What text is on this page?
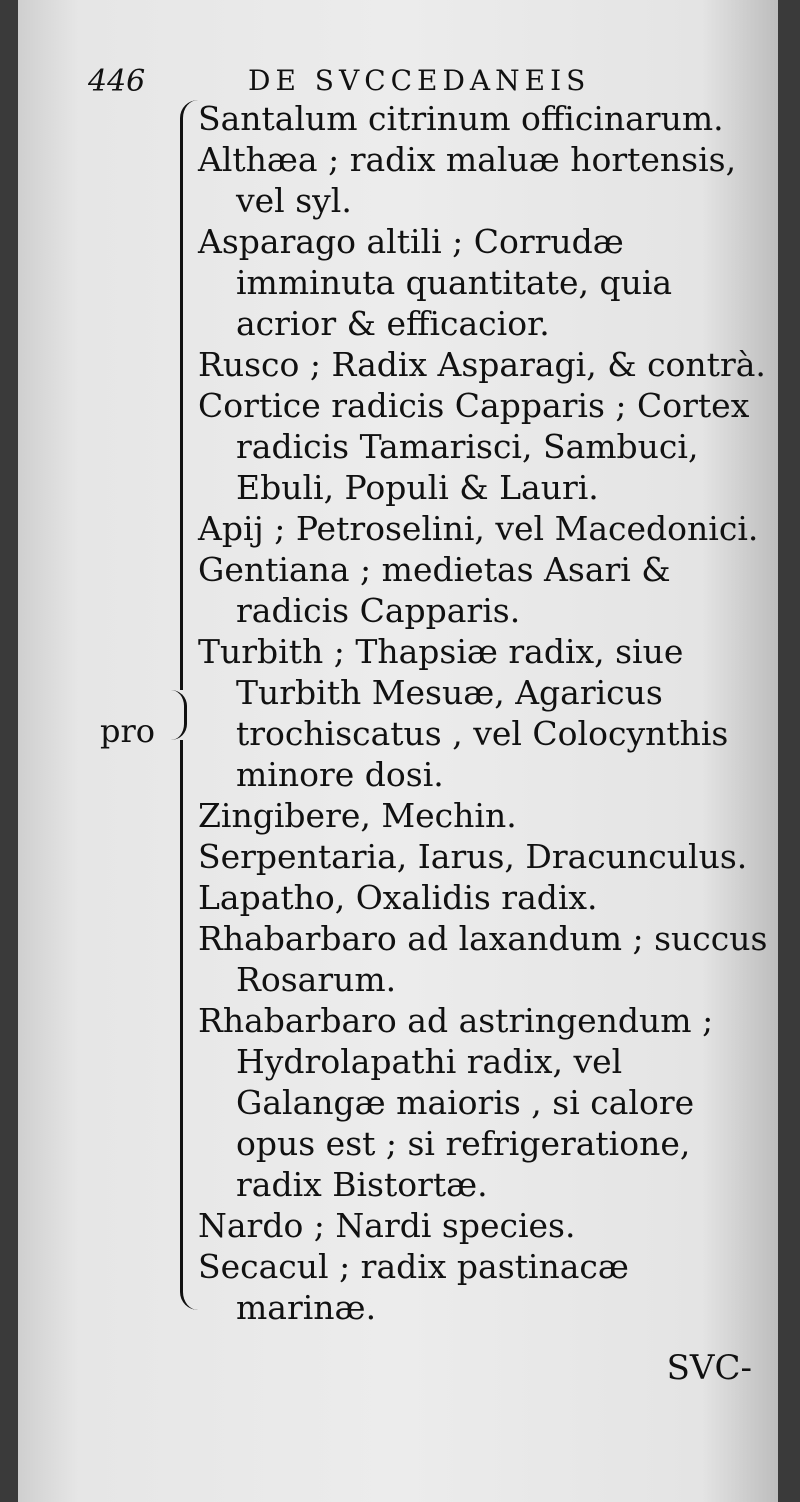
446	DE SVCCEDANEIS
pro

Santalum citrinum officinarum.

Althæa ; radix maluæ hortensis, vel syl.

Asparago altili ; Corrudæ imminuta quantitate, quia acrior & efficacior.

Rusco ; Radix Asparagi, & contrà.

Cortice radicis Capparis ; Cortex radicis Tamarisci, Sambuci, Ebuli, Populi & Lauri.

Apij ; Petroselini, vel Macedonici.

Gentiana ; medietas Asari & radicis Capparis.

Turbith ; Thapsiæ radix, siue Turbith Mesuæ, Agaricus trochiscatus , vel Colocynthis minore dosi.

Zingibere, Mechin.

Serpentaria, Iarus, Dracunculus.

Lapatho, Oxalidis radix.

Rhabarbaro ad laxandum ; succus Rosarum.

Rhabarbaro ad astringendum ; Hydrolapathi radix, vel Galangæ maioris , si calore opus est ; si refrigeratione, radix Bistortæ.

Nardo ; Nardi species.

Secacul ; radix pastinacæ marinæ.

SVC-
